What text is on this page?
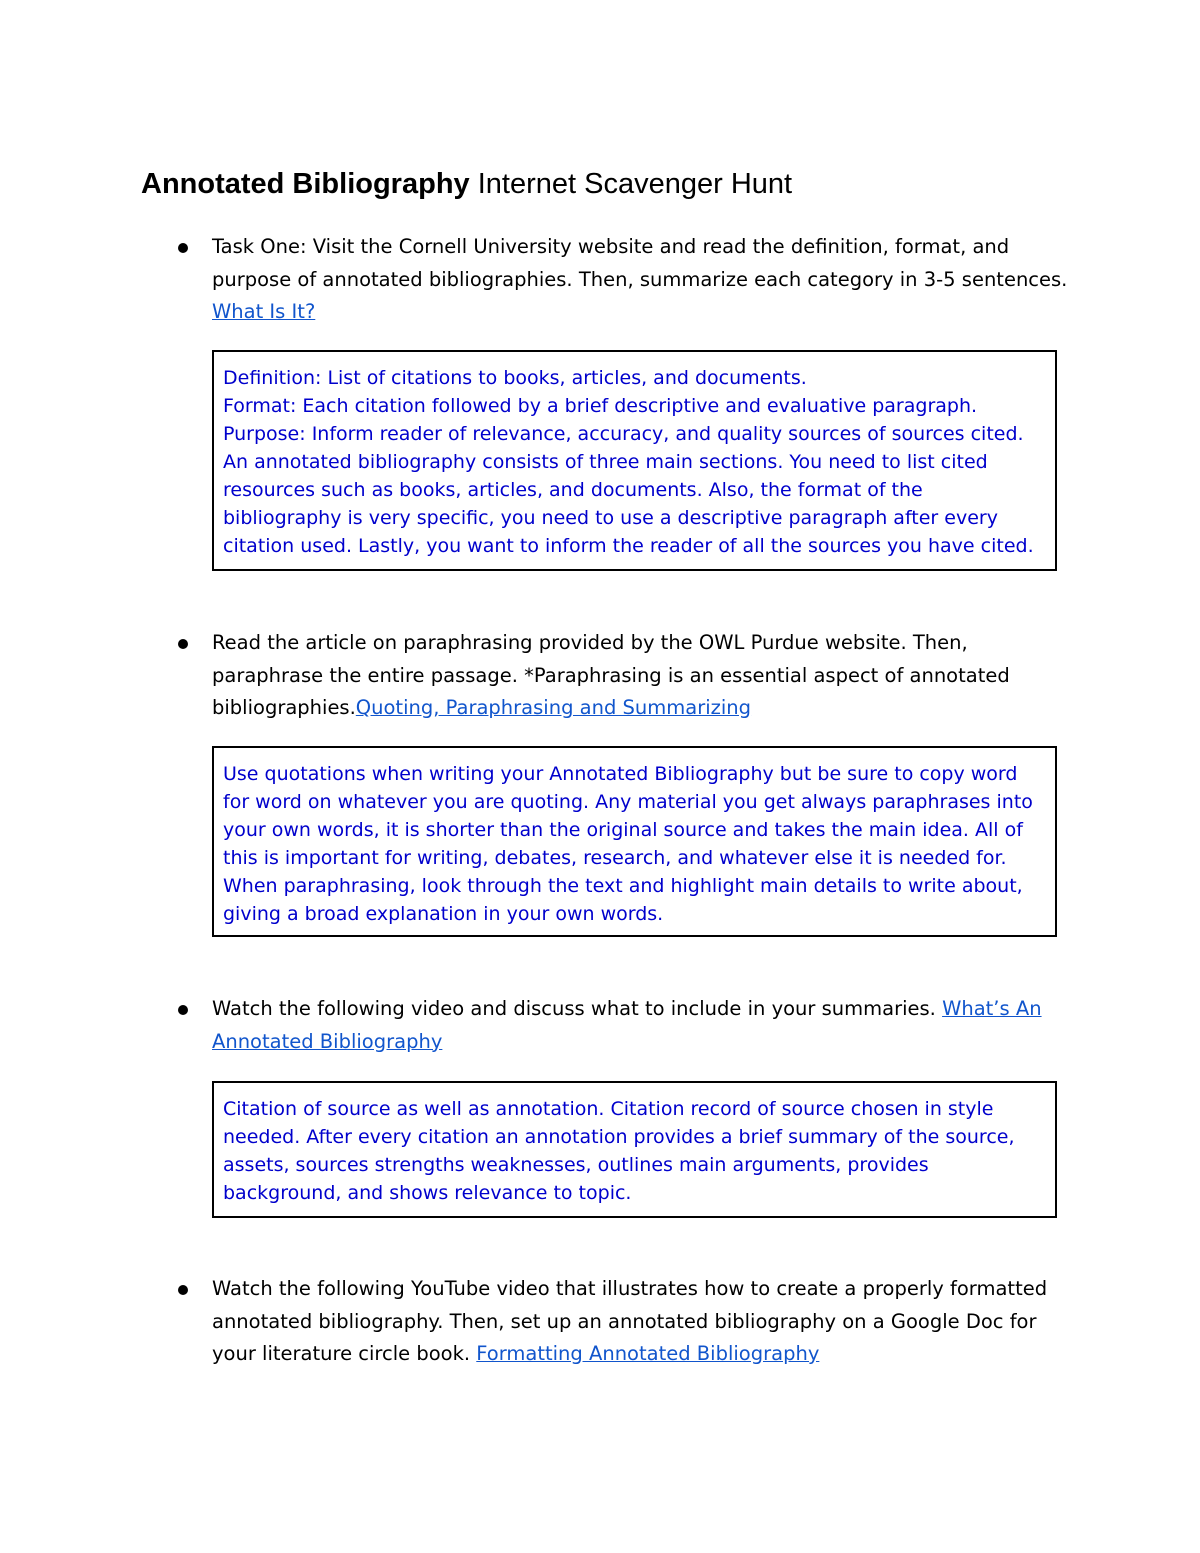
Annotated Bibliography Internet Scavenger Hunt
Task One: Visit the Cornell University website and read the definition, format, and purpose of annotated bibliographies. Then, summarize each category in 3-5 sentences. What Is It?
Definition: List of citations to books, articles, and documents.
Format: Each citation followed by a brief descriptive and evaluative paragraph.
Purpose: Inform reader of relevance, accuracy, and quality sources of sources cited.
An annotated bibliography consists of three main sections. You need to list cited resources such as books, articles, and documents. Also, the format of the bibliography is very specific, you need to use a descriptive paragraph after every citation used. Lastly, you want to inform the reader of all the sources you have cited.
Read the article on paraphrasing provided by the OWL Purdue website. Then, paraphrase the entire passage. *Paraphrasing is an essential aspect of annotated bibliographies.Quoting, Paraphrasing and Summarizing
Use quotations when writing your Annotated Bibliography but be sure to copy word for word on whatever you are quoting. Any material you get always paraphrases into your own words, it is shorter than the original source and takes the main idea. All of this is important for writing, debates, research, and whatever else it is needed for. When paraphrasing, look through the text and highlight main details to write about, giving a broad explanation in your own words.
Watch the following video and discuss what to include in your summaries. What’s An Annotated Bibliography
Citation of source as well as annotation. Citation record of source chosen in style needed. After every citation an annotation provides a brief summary of the source, assets, sources strengths weaknesses, outlines main arguments, provides background, and shows relevance to topic.
Watch the following YouTube video that illustrates how to create a properly formatted annotated bibliography. Then, set up an annotated bibliography on a Google Doc for your literature circle book. Formatting Annotated Bibliography
